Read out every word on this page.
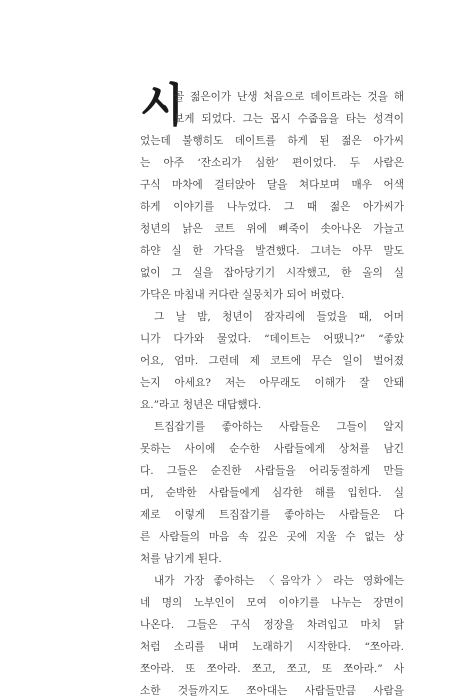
시
골 젊은이가 난생 처음으로 데이트라는 것을 해
보게 되었다. 그는 몹시 수줍음을 타는 성격이
었는데 불행히도 데이트를 하게 된 젊은 아가씨
는 아주 ‘잔소리가 심한’ 편이었다. 두 사람은
구식 마차에 걸터앉아 달을 쳐다보며 매우 어색
하게 이야기를 나누었다. 그 때 젊은 아가씨가
청년의 낡은 코트 위에 삐죽이 솟아나온 가늘고
하얀 실 한 가닥을 발견했다. 그녀는 아무 말도
없이 그 실을 잡아당기기 시작했고, 한 올의 실
가닥은 마침내 커다란 실뭉치가 되어 버렸다.
그 날 밤, 청년이 잠자리에 들었을 때, 어머
니가 다가와 물었다. “데이트는 어땠니?” “좋았
어요, 엄마. 그런데 제 코트에 무슨 일이 벌어졌
는지 아세요? 저는 아무래도 이해가 잘 안돼
요.”라고 청년은 대답했다.
트집잡기를 좋아하는 사람들은 그들이 알지
못하는 사이에 순수한 사람들에게 상처를 남긴
다. 그들은 순진한 사람들을 어리둥절하게 만들
며, 순박한 사람들에게 심각한 해를 입힌다. 실
제로 이렇게 트집잡기를 좋아하는 사람들은 다
른 사람들의 마음 속 깊은 곳에 지울 수 없는 상
처를 남기게 된다.
내가 가장 좋아하는 〈음악가〉라는 영화에는
네 명의 노부인이 모여 이야기를 나누는 장면이
나온다. 그들은 구식 정장을 차려입고 마치 닭
처럼 소리를 내며 노래하기 시작한다. “쪼아라.
쪼아라. 또 쪼아라. 쪼고, 쪼고, 또 쪼아라.” 사
소한 것들까지도 쪼아대는 사람들만큼 사람을
